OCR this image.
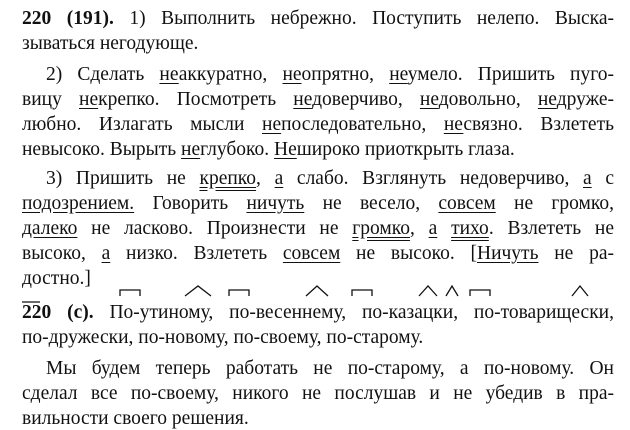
220 (191). 1) Выполнить небрежно. Поступить нелепо. Выска-
зываться негодующе.
2) Сделать неаккуратно, неопрятно, неумело. Пришить пуго-
вицу некрепко. Посмотреть недоверчиво, недовольно, недруже-
любно. Излагать мысли непоследовательно, несвязно. Взлететь
невысоко. Вырыть неглубоко. Нешироко приоткрыть глаза.
3) Пришить не крепко, а слабо. Взглянуть недоверчиво, а с
подозрением. Говорить ничуть не весело, совсем не громко,
далеко не ласково. Произнести не громко, а тихо. Взлететь не
высоко, а низко. Взлететь совсем не высоко. [Ничуть не ра-
достно.]
220 (с). По-утиному, по-весеннему, по-казацки, по-товарищески,
по-дружески, по-новому, по-своему, по-старому.
Мы будем теперь работать не по-старому, а по-новому. Он
сделал все по-своему, никого не послушав и не убедив в пра-
вильности своего решения.
